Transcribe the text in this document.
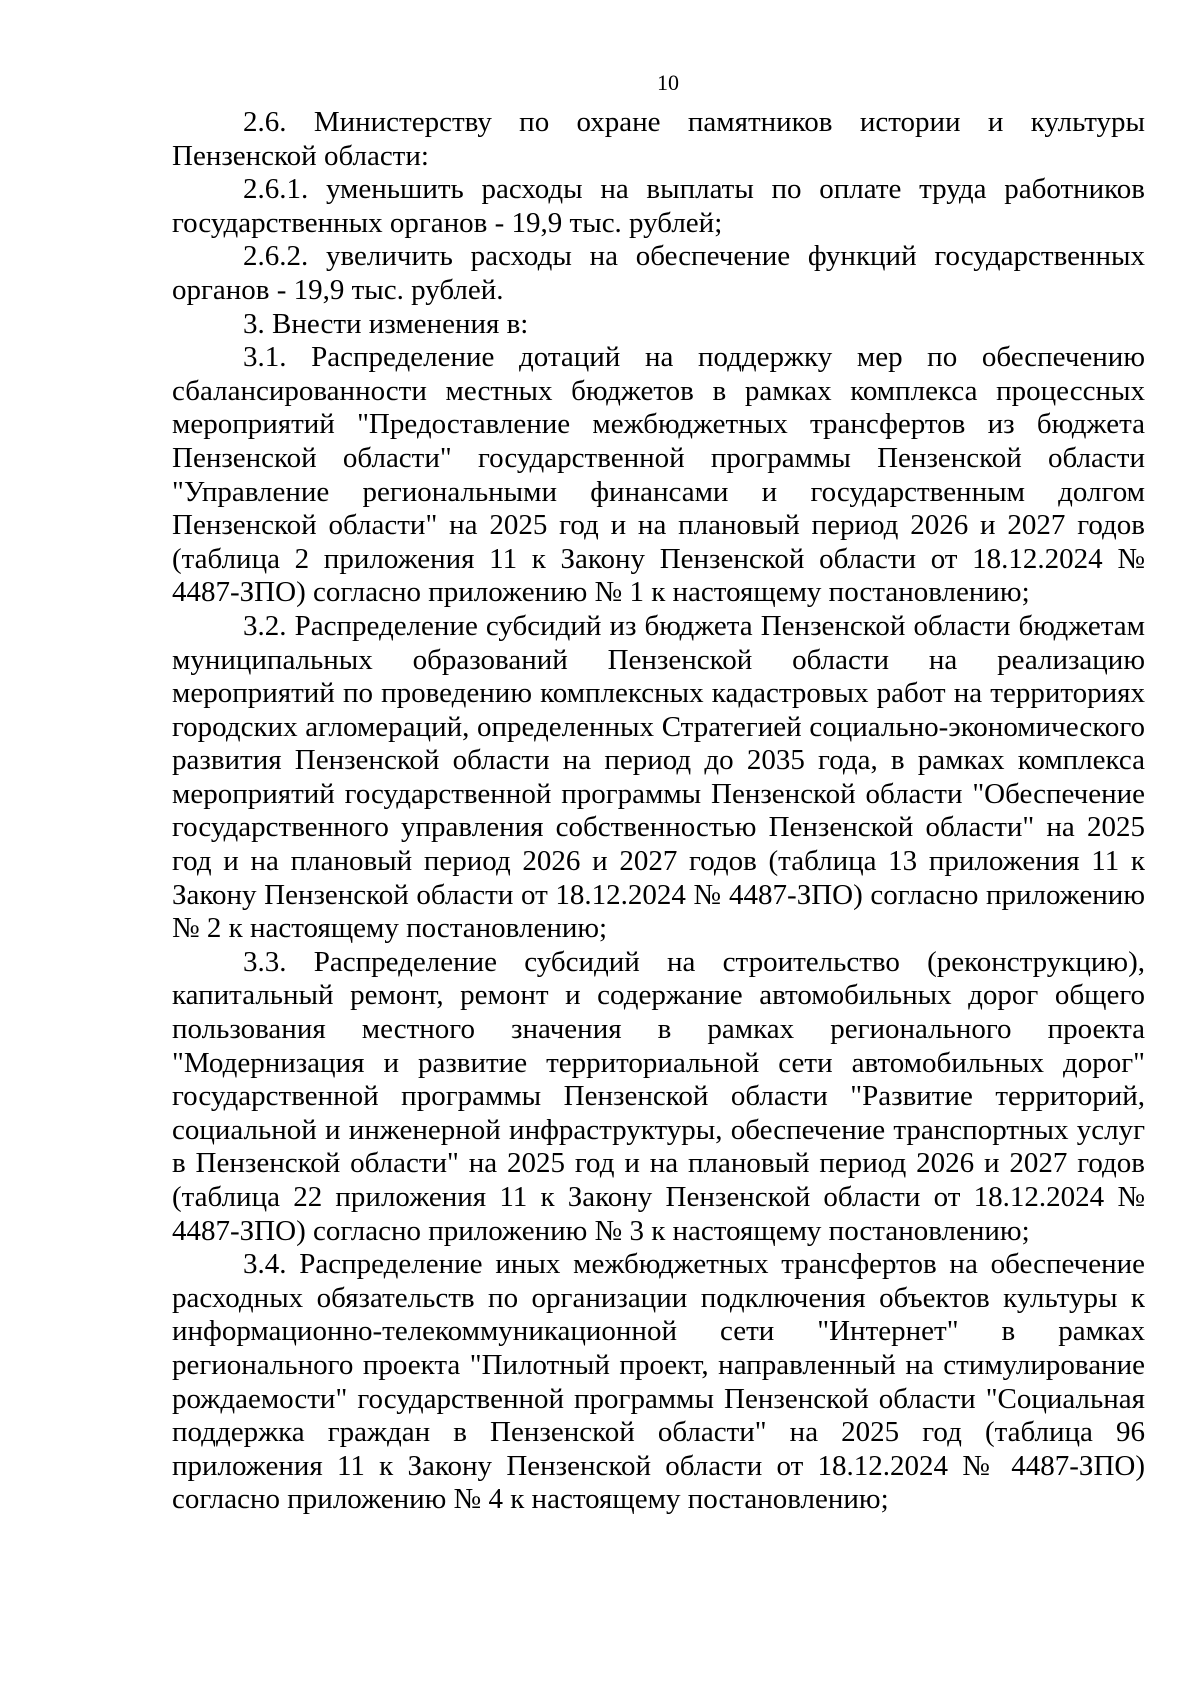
10

2.6. Министерству по охране памятников истории и культуры Пензенской области:

2.6.1. уменьшить расходы на выплаты по оплате труда работников государственных органов - 19,9 тыс. рублей;

2.6.2. увеличить расходы на обеспечение функций государственных органов - 19,9 тыс. рублей.

3. Внести изменения в:

3.1. Распределение дотаций на поддержку мер по обеспечению сбалансированности местных бюджетов в рамках комплекса процессных мероприятий "Предоставление межбюджетных трансфертов из бюджета Пензенской области" государственной программы Пензенской области "Управление региональными финансами и государственным долгом Пензенской области" на 2025 год и на плановый период 2026 и 2027 годов (таблица 2 приложения 11 к Закону Пензенской области от 18.12.2024 № 4487-ЗПО) согласно приложению № 1 к настоящему постановлению;

3.2. Распределение субсидий из бюджета Пензенской области бюджетам муниципальных образований Пензенской области на реализацию мероприятий по проведению комплексных кадастровых работ на территориях городских агломераций, определенных Стратегией социально-экономического развития Пензенской области на период до 2035 года, в рамках комплекса мероприятий государственной программы Пензенской области "Обеспечение государственного управления собственностью Пензенской области" на 2025 год и на плановый период 2026 и 2027 годов (таблица 13 приложения 11 к Закону Пензенской области от 18.12.2024 № 4487-ЗПО) согласно приложению № 2 к настоящему постановлению;

3.3. Распределение субсидий на строительство (реконструкцию), капитальный ремонт, ремонт и содержание автомобильных дорог общего пользования местного значения в рамках регионального проекта "Модернизация и развитие территориальной сети автомобильных дорог" государственной программы Пензенской области "Развитие территорий, социальной и инженерной инфраструктуры, обеспечение транспортных услуг в Пензенской области" на 2025 год и на плановый период 2026 и 2027 годов (таблица 22 приложения 11 к Закону Пензенской области от 18.12.2024 № 4487-ЗПО) согласно приложению № 3 к настоящему постановлению;

3.4. Распределение иных межбюджетных трансфертов на обеспечение расходных обязательств по организации подключения объектов культуры к информационно-телекоммуникационной сети "Интернет" в рамках регионального проекта "Пилотный проект, направленный на стимулирование рождаемости" государственной программы Пензенской области "Социальная поддержка граждан в Пензенской области" на 2025 год (таблица 96 приложения 11 к Закону Пензенской области от 18.12.2024 № 4487-ЗПО) согласно приложению № 4 к настоящему постановлению;
